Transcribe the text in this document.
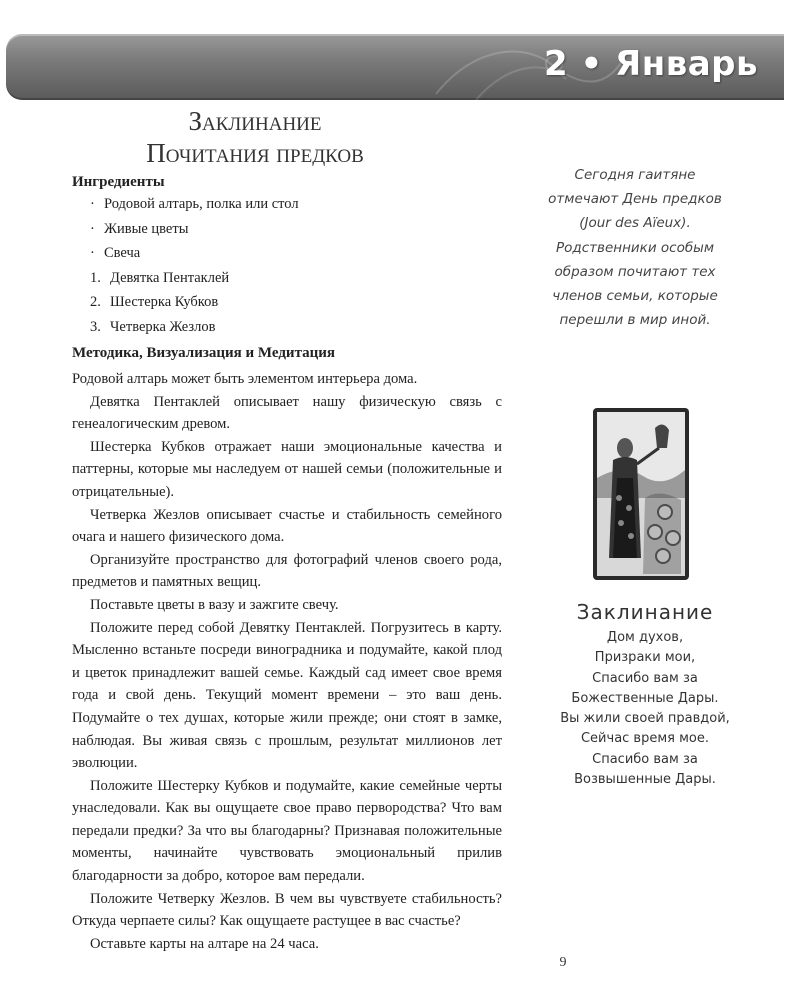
2 • Январь
Заклинание
Почитания предков
Ингредиенты
· Родовой алтарь, полка или стол
· Живые цветы
· Свеча
1. Девятка Пентаклей
2. Шестерка Кубков
3. Четверка Жезлов
Методика, Визуализация и Медитация

Родовой алтарь может быть элементом интерьера дома.

Девятка Пентаклей описывает нашу физическую связь с генеалогическим древом.

Шестерка Кубков отражает наши эмоциональные качества и паттерны, которые мы наследуем от нашей семьи (положительные и отрицательные).

Четверка Жезлов описывает счастье и стабильность семейного очага и нашего физического дома.

Организуйте пространство для фотографий членов своего рода, предметов и памятных вещиц.

Поставьте цветы в вазу и зажгите свечу.

Положите перед собой Девятку Пентаклей. Погрузитесь в карту. Мысленно встаньте посреди виноградника и подумайте, какой плод и цветок принадлежит вашей семье. Каждый сад имеет свое время года и свой день. Текущий момент времени – это ваш день. Подумайте о тех душах, которые жили прежде; они стоят в замке, наблюдая. Вы живая связь с прошлым, результат миллионов лет эволюции.

Положите Шестерку Кубков и подумайте, какие семейные черты унаследовали. Как вы ощущаете свое право первородства? Что вам передали предки? За что вы благодарны? Признавая положительные моменты, начинайте чувствовать эмоциональный прилив благодарности за добро, которое вам передали.

Положите Четверку Жезлов. В чем вы чувствуете стабильность? Откуда черпаете силы? Как ощущаете растущее в вас счастье?

Оставьте карты на алтаре на 24 часа.

Сегодня гаитяне
отмечают День предков
(Jour des Aïeux).
Родственники особым
образом почитают тех
членов семьи, которые
перешли в мир иной.
Заклинание
Дом духов,
Призраки мои,
Спасибо вам за
Божественные Дары.
Вы жили своей правдой,
Сейчас время мое.
Спасибо вам за
Возвышенные Дары.
9
